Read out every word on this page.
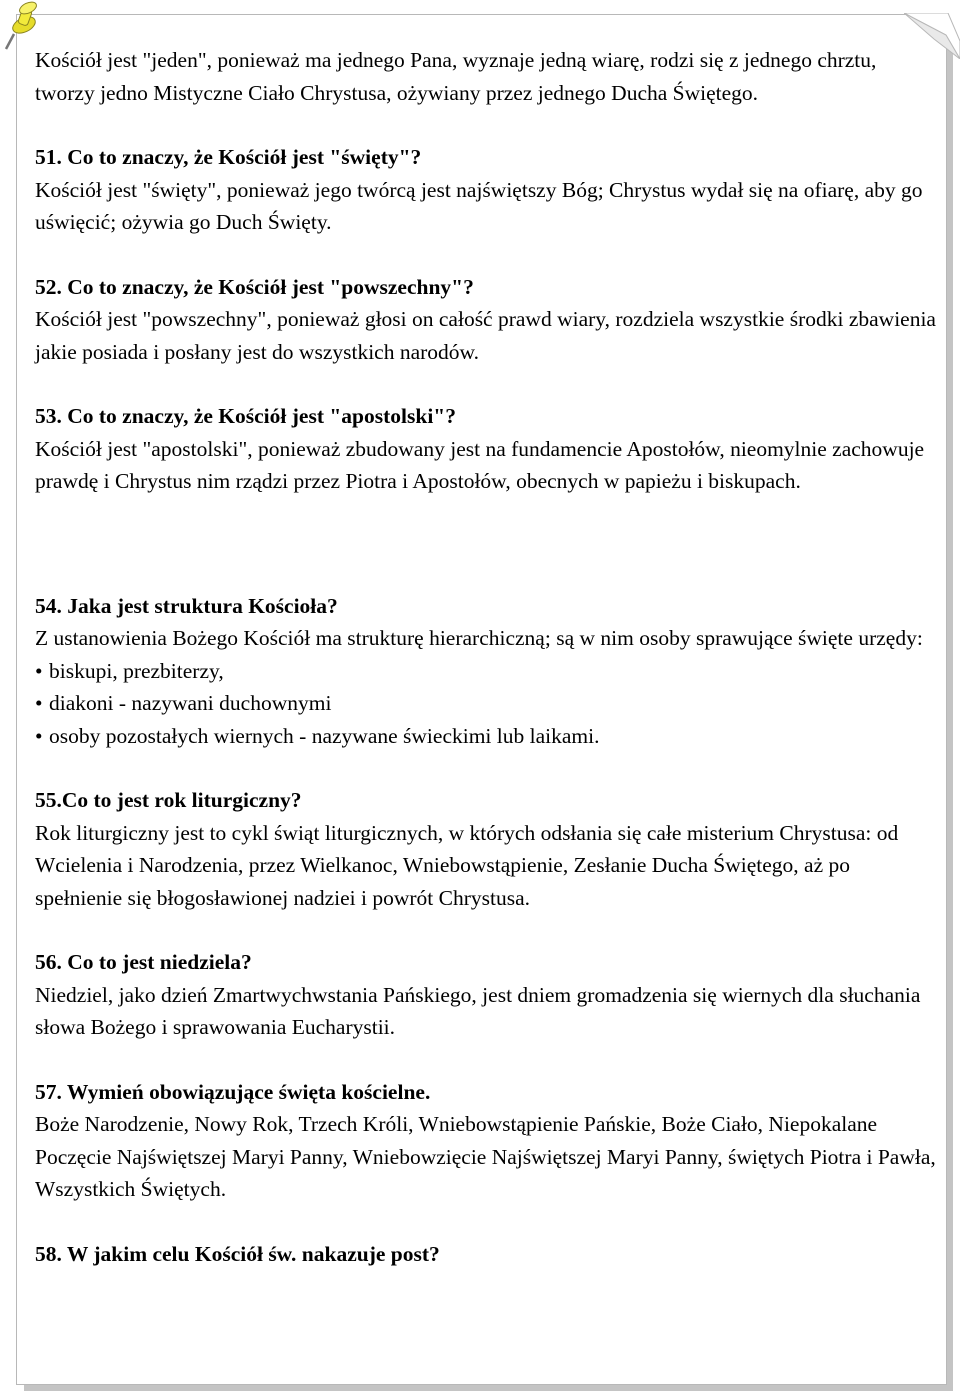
Kościół jest "jeden", ponieważ ma jednego Pana, wyznaje jedną wiarę, rodzi się z jednego chrztu, tworzy jedno Mistyczne Ciało Chrystusa, ożywiany przez jednego Ducha Świętego.

51. Co to znaczy, że Kościół jest "święty"?

Kościół jest "święty", ponieważ jego twórcą jest najświętszy Bóg; Chrystus wydał się na ofiarę, aby go uświęcić; ożywia go Duch Święty.

52. Co to znaczy, że Kościół jest "powszechny"?

Kościół jest "powszechny", ponieważ głosi on całość prawd wiary, rozdziela wszystkie środki zbawienia jakie posiada i posłany jest do wszystkich narodów.

53. Co to znaczy, że Kościół jest "apostolski"?

Kościół jest "apostolski", ponieważ zbudowany jest na fundamencie Apostołów, nieomylnie zachowuje prawdę i Chrystus nim rządzi przez Piotra i Apostołów, obecnych w papieżu i biskupach.

54. Jaka jest struktura Kościoła?

Z ustanowienia Bożego Kościół ma strukturę hierarchiczną; są w nim osoby sprawujące święte urzędy:

• biskupi, prezbiterzy,
• diakoni - nazywani duchownymi
• osoby pozostałych wiernych - nazywane świeckimi lub laikami.

55.Co to jest rok liturgiczny?

Rok liturgiczny jest to cykl świąt liturgicznych, w których odsłania się całe misterium Chrystusa: od Wcielenia i Narodzenia, przez Wielkanoc, Wniebowstąpienie, Zesłanie Ducha Świętego, aż po spełnienie się błogosławionej nadziei i powrót Chrystusa.

56. Co to jest niedziela?

Niedziel, jako dzień Zmartwychwstania Pańskiego, jest dniem gromadzenia się wiernych dla słuchania słowa Bożego i sprawowania Eucharystii.

57. Wymień obowiązujące święta kościelne.

Boże Narodzenie, Nowy Rok, Trzech Króli, Wniebowstąpienie Pańskie, Boże Ciało, Niepokalane Poczęcie Najświętszej Maryi Panny, Wniebowzięcie Najświętszej Maryi Panny, świętych Piotra i Pawła, Wszystkich Świętych.

58. W jakim celu Kościół św. nakazuje post?
